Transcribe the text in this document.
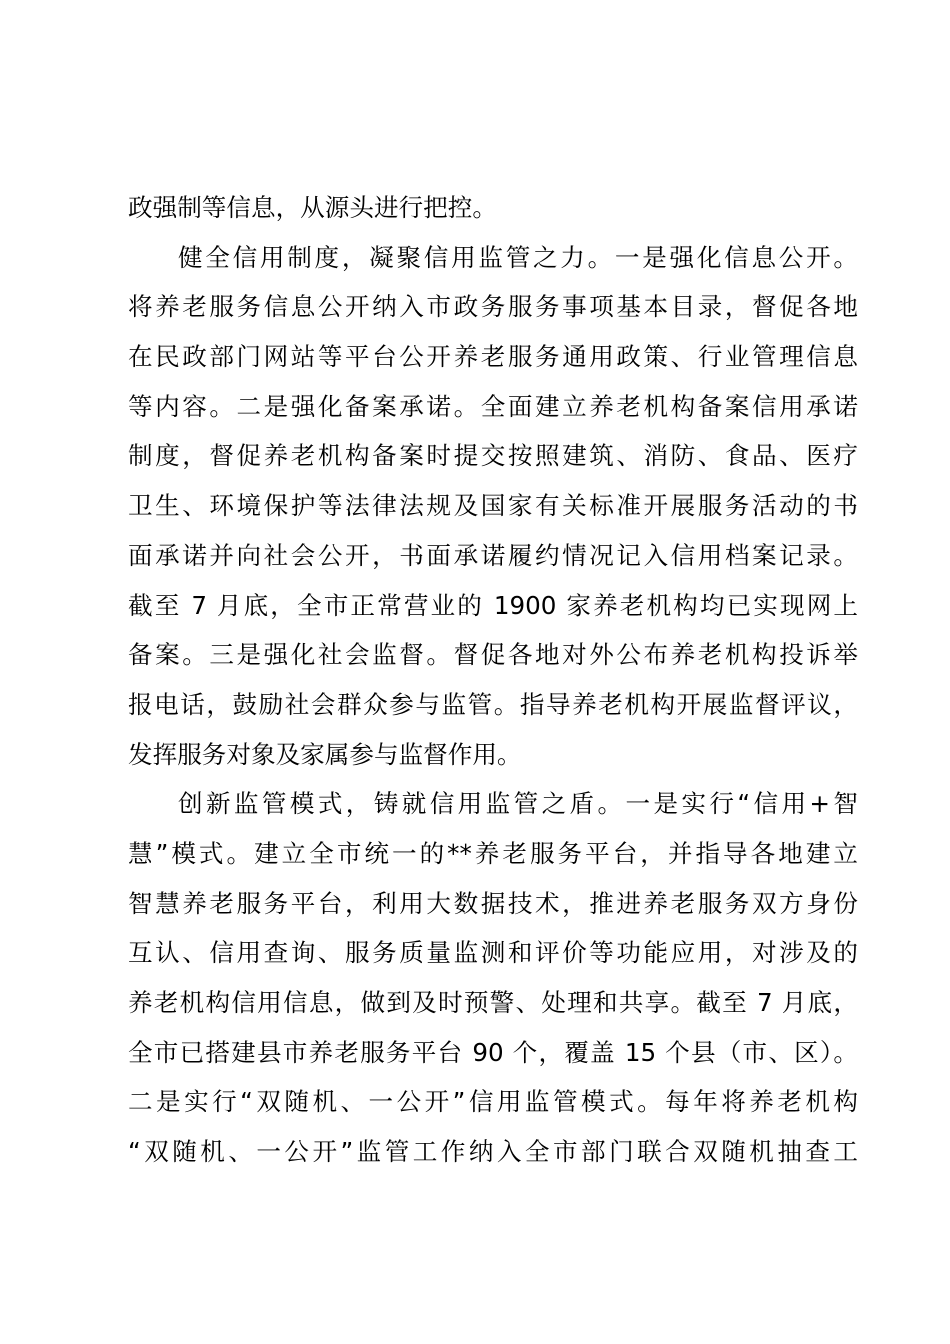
政强制等信息，从源头进行把控。
健全信用制度，凝聚信用监管之力。一是强化信息公开。
将养老服务信息公开纳入市政务服务事项基本目录，督促各地
在民政部门网站等平台公开养老服务通用政策、行业管理信息
等内容。二是强化备案承诺。全面建立养老机构备案信用承诺
制度，督促养老机构备案时提交按照建筑、消防、食品、医疗
卫生、环境保护等法律法规及国家有关标准开展服务活动的书
面承诺并向社会公开，书面承诺履约情况记入信用档案记录。
截至 7 月底，全市正常营业的 1900 家养老机构均已实现网上
备案。三是强化社会监督。督促各地对外公布养老机构投诉举
报电话，鼓励社会群众参与监管。指导养老机构开展监督评议，
发挥服务对象及家属参与监督作用。
创新监管模式，铸就信用监管之盾。一是实行“信用+智
慧”模式。建立全市统一的**养老服务平台，并指导各地建立
智慧养老服务平台，利用大数据技术，推进养老服务双方身份
互认、信用查询、服务质量监测和评价等功能应用，对涉及的
养老机构信用信息，做到及时预警、处理和共享。截至 7 月底，
全市已搭建县市养老服务平台 90 个，覆盖 15 个县（市、区）。
二是实行“双随机、一公开”信用监管模式。每年将养老机构
“双随机、一公开”监管工作纳入全市部门联合双随机抽查工
